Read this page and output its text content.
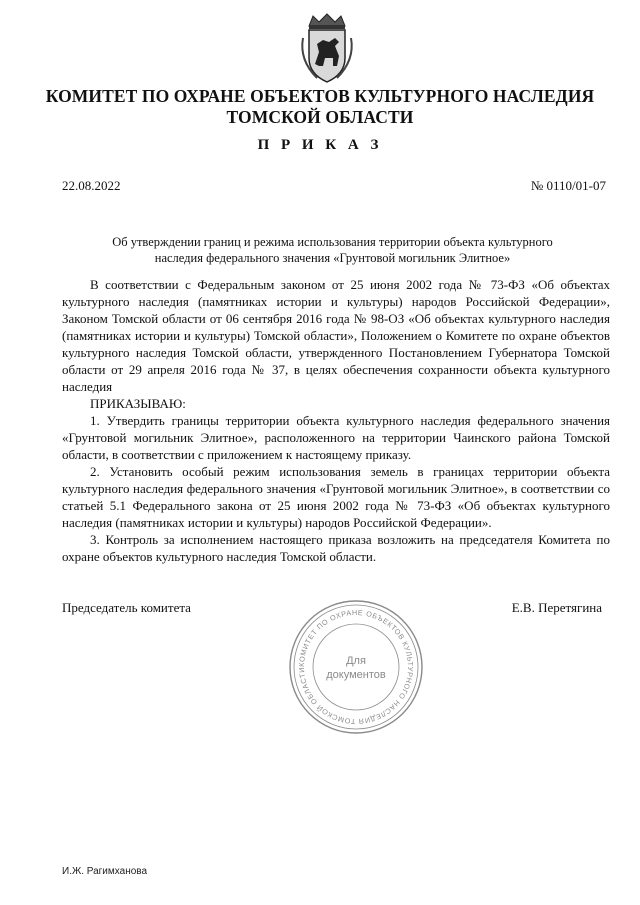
КОМИТЕТ ПО ОХРАНЕ ОБЪЕКТОВ КУЛЬТУРНОГО НАСЛЕДИЯ
ТОМСКОЙ ОБЛАСТИ
П Р И К А З
22.08.2022	№ 0110/01-07
Об утверждении границ и режима использования территории объекта культурного
наследия федерального значения «Грунтовой могильник Элитное»

В соответствии с Федеральным законом от 25 июня 2002 года № 73-ФЗ «Об объектах культурного наследия (памятниках истории и культуры) народов Российской Федерации», Законом Томской области от 06 сентября 2016 года № 98-ОЗ «Об объектах культурного наследия (памятниках истории и культуры) Томской области», Положением о Комитете по охране объектов культурного наследия Томской области, утвержденного Постановлением Губернатора Томской области от 29 апреля 2016 года № 37, в целях обеспечения сохранности объекта культурного наследия

ПРИКАЗЫВАЮ:

1. Утвердить границы территории объекта культурного наследия федерального значения «Грунтовой могильник Элитное», расположенного на территории Чаинского района Томской области, в соответствии с приложением к настоящему приказу.

2. Установить особый режим использования земель в границах территории объекта культурного наследия федерального значения «Грунтовой могильник Элитное», в соответствии со статьей 5.1 Федерального закона от 25 июня 2002 года № 73-ФЗ «Об объектах культурного наследия (памятниках истории и культуры) народов Российской Федерации».

3. Контроль за исполнением настоящего приказа возложить на председателя Комитета по охране объектов культурного наследия Томской области.

Председатель комитета	Е.В. Перетягина
КОМИТЕТ ПО ОХРАНЕ ОБЪЕКТОВ КУЛЬТУРНОГО НАСЛЕДИЯ ТОМСКОЙ ОБЛАСТИ
Для
документов
И.Ж. Рагимханова
